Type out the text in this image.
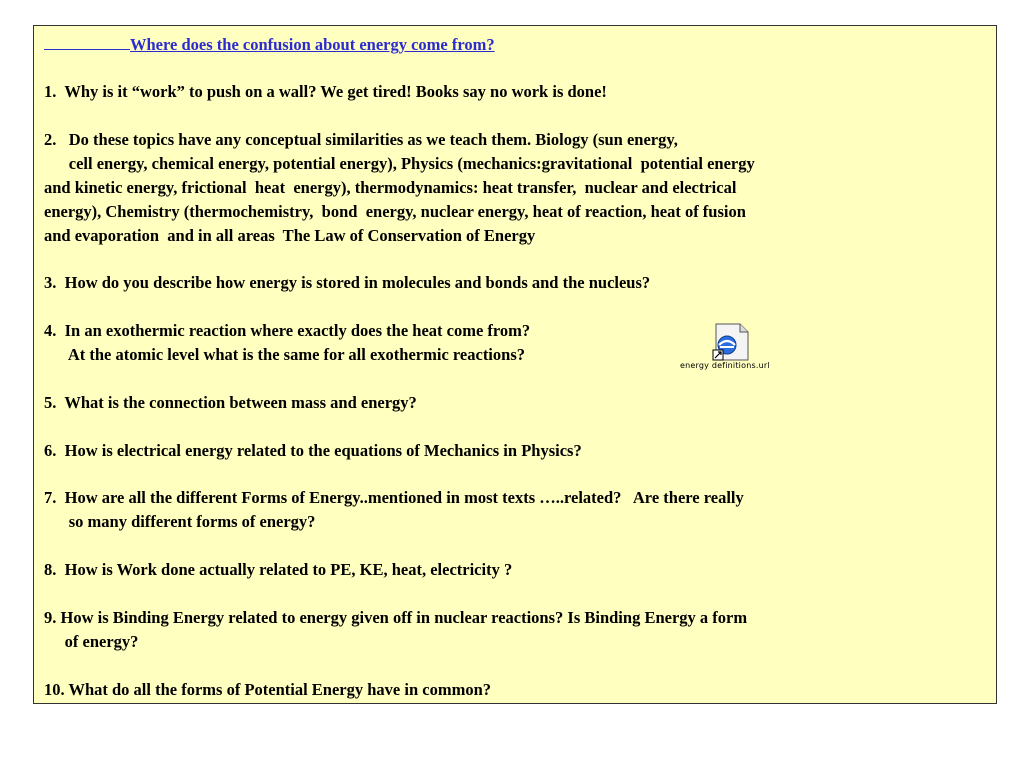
Where does the confusion about energy come from?
1.  Why is it “work” to push on a wall? We get tired! Books say no work is done!
2.   Do these topics have any conceptual similarities as we teach them. Biology (sun energy,
cell energy, chemical energy, potential energy), Physics (mechanics:gravitational  potential energy
and kinetic energy, frictional  heat  energy), thermodynamics: heat transfer,  nuclear and electrical
energy), Chemistry (thermochemistry,  bond  energy, nuclear energy, heat of reaction, heat of fusion
and evaporation  and in all areas  The Law of Conservation of Energy
3.  How do you describe how energy is stored in molecules and bonds and the nucleus?
4.  In an exothermic reaction where exactly does the heat come from?
At the atomic level what is the same for all exothermic reactions?
5.  What is the connection between mass and energy?
6.  How is electrical energy related to the equations of Mechanics in Physics?
7.  How are all the different Forms of Energy..mentioned in most texts …..related?   Are there really
so many different forms of energy?
8.  How is Work done actually related to PE, KE, heat, electricity ?
9. How is Binding Energy related to energy given off in nuclear reactions? Is Binding Energy a form
of energy?
10. What do all the forms of Potential Energy have in common?
energy definitions.url
